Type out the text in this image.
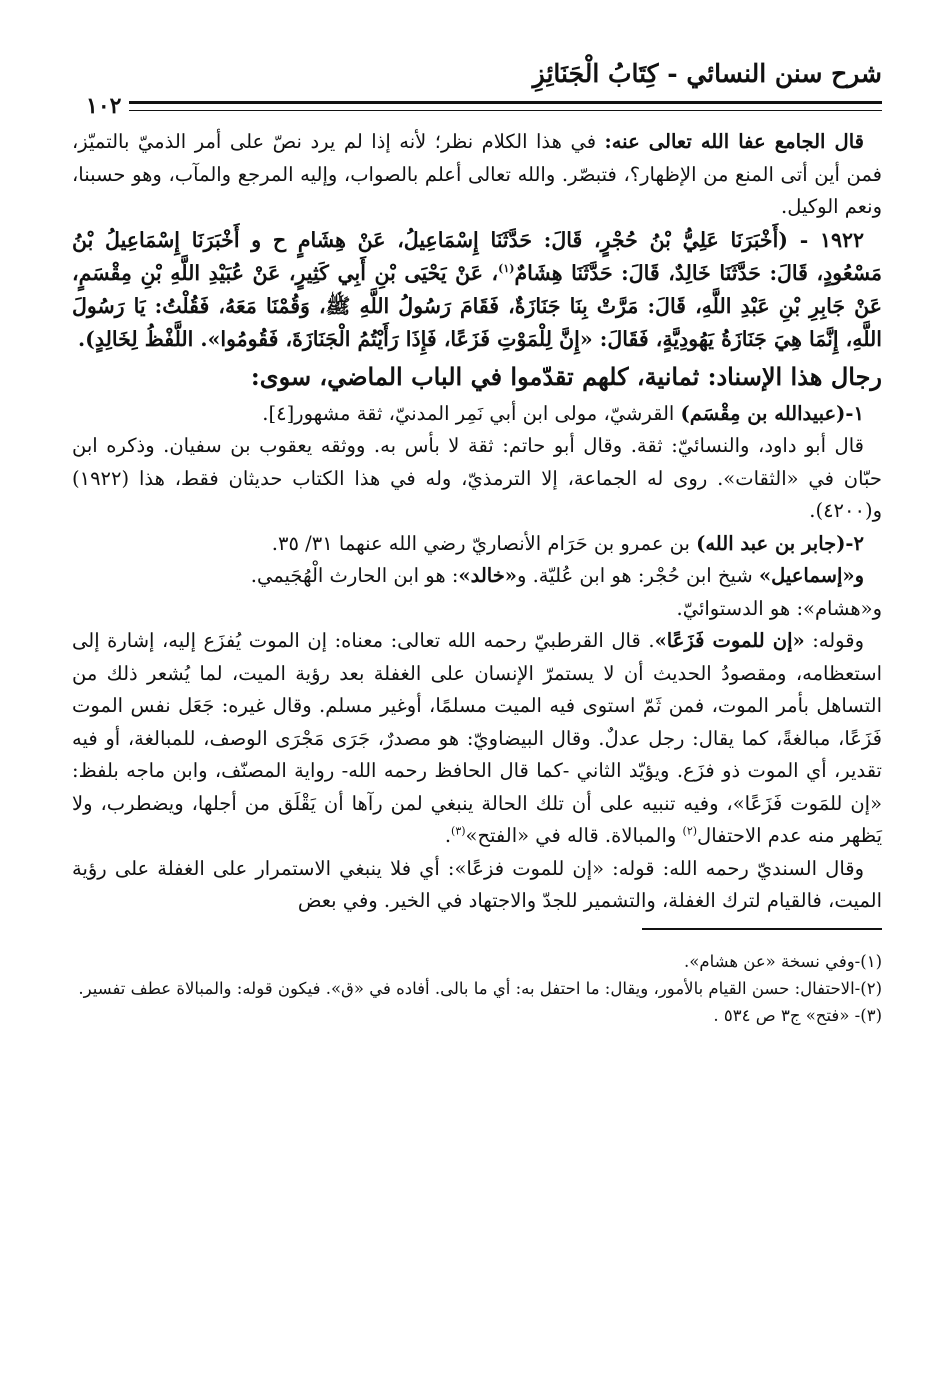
شرح سنن النسائي - كِتَابُ الْجَنَائِزِ
١٠٢

قال الجامع عفا الله تعالى عنه: في هذا الكلام نظر؛ لأنه إذا لم يرد نصّ على أمر الذميّ بالتميّز، فمن أين أتى المنع من الإظهار؟، فتبصّر. والله تعالى أعلم بالصواب، وإليه المرجع والمآب، وهو حسبنا، ونعم الوكيل.

١٩٢٢ - (أَخْبَرَنَا عَلِيُّ بْنُ حُجْرٍ، قَالَ: حَدَّثَنَا إِسْمَاعِيلُ، عَنْ هِشَامٍ ح و أَخْبَرَنَا إِسْمَاعِيلُ بْنُ مَسْعُودٍ، قَالَ: حَدَّثَنَا خَالِدٌ، قَالَ: حَدَّثَنَا هِشَامٌ$^{(١)}$، عَنْ يَحْيَى بْنِ أَبِي كَثِيرٍ، عَنْ عُبَيْدِ اللَّهِ بْنِ مِقْسَمٍ، عَنْ جَابِرِ بْنِ عَبْدِ اللَّهِ، قَالَ: مَرَّتْ بِنَا جَنَازَةٌ، فَقَامَ رَسُولُ اللَّهِ ﷺ، وَقُمْنَا مَعَهُ، فَقُلْتُ: يَا رَسُولَ اللَّهِ، إِنَّمَا هِيَ جَنَازَةُ يَهُودِيَّةٍ، فَقَالَ: «إِنَّ لِلْمَوْتِ فَزَعًا، فَإِذَا رَأَيْتُمُ الْجَنَازَةَ، فَقُومُوا». اللَّفْظُ لِخَالِدٍ).

رجال هذا الإسناد: ثمانية، كلهم تقدّموا في الباب الماضي، سوى:

١-(عبيدالله بن مِقْسَم) القرشيّ، مولى ابن أبي نَمِر المدنيّ، ثقة مشهور[٤].

قال أبو داود، والنسائيّ: ثقة. وقال أبو حاتم: ثقة لا بأس به. ووثقه يعقوب بن سفيان. وذكره ابن حبّان في «الثقات». روى له الجماعة، إلا الترمذيّ، وله في هذا الكتاب حديثان فقط، هذا (١٩٢٢) و(٤٢٠٠).

٢-(جابر بن عبد الله) بن عمرو بن حَرَام الأنصاريّ رضي الله عنهما ٣١/ ٣٥.

و«إسماعيل» شيخ ابن حُجْر: هو ابن عُليّة. و«خالد»: هو ابن الحارث الْهُجَيمي.

و«هشام»: هو الدستوائيّ.

وقوله: «إن للموت فَزَعًا». قال القرطبيّ رحمه الله تعالى: معناه: إن الموت يُفزَع إليه، إشارة إلى استعظامه، ومقصودُ الحديث أن لا يستمرّ الإنسان على الغفلة بعد رؤية الميت، لما يُشعر ذلك من التساهل بأمر الموت، فمن ثَمّ استوى فيه الميت مسلمًا، أوغير مسلم. وقال غيره: جَعَل نفس الموت فَزَعًا، مبالغةً، كما يقال: رجل عدلٌ. وقال البيضاويّ: هو مصدرٌ، جَرَى مَجْرَى الوصف، للمبالغة، أو فيه تقدير، أي الموت ذو فزَع. ويؤيّد الثاني -كما قال الحافظ رحمه الله- رواية المصنّف، وابن ماجه بلفظ: «إن للمَوت فَزَعًا»، وفيه تنبيه على أن تلك الحالة ينبغي لمن رآها أن يَقْلَق من أجلها، ويضطرب، ولا يَظهر منه عدم الاحتفال$^{(٢)}$ والمبالاة. قاله في «الفتح»$^{(٣)}$.

وقال السنديّ رحمه الله: قوله: «إن للموت فزعًا»: أي فلا ينبغي الاستمرار على الغفلة على رؤية الميت، فالقيام لترك الغفلة، والتشمير للجدّ والاجتهاد في الخير. وفي بعض

(١)-وفي نسخة «عن هشام».

(٢)-الاحتفال: حسن القيام بالأمور، ويقال: ما احتفل به: أي ما بالى. أفاده في «ق». فيكون قوله: والمبالاة عطف تفسير.

(٣)- «فتح» ج٣ ص ٥٣٤ .
